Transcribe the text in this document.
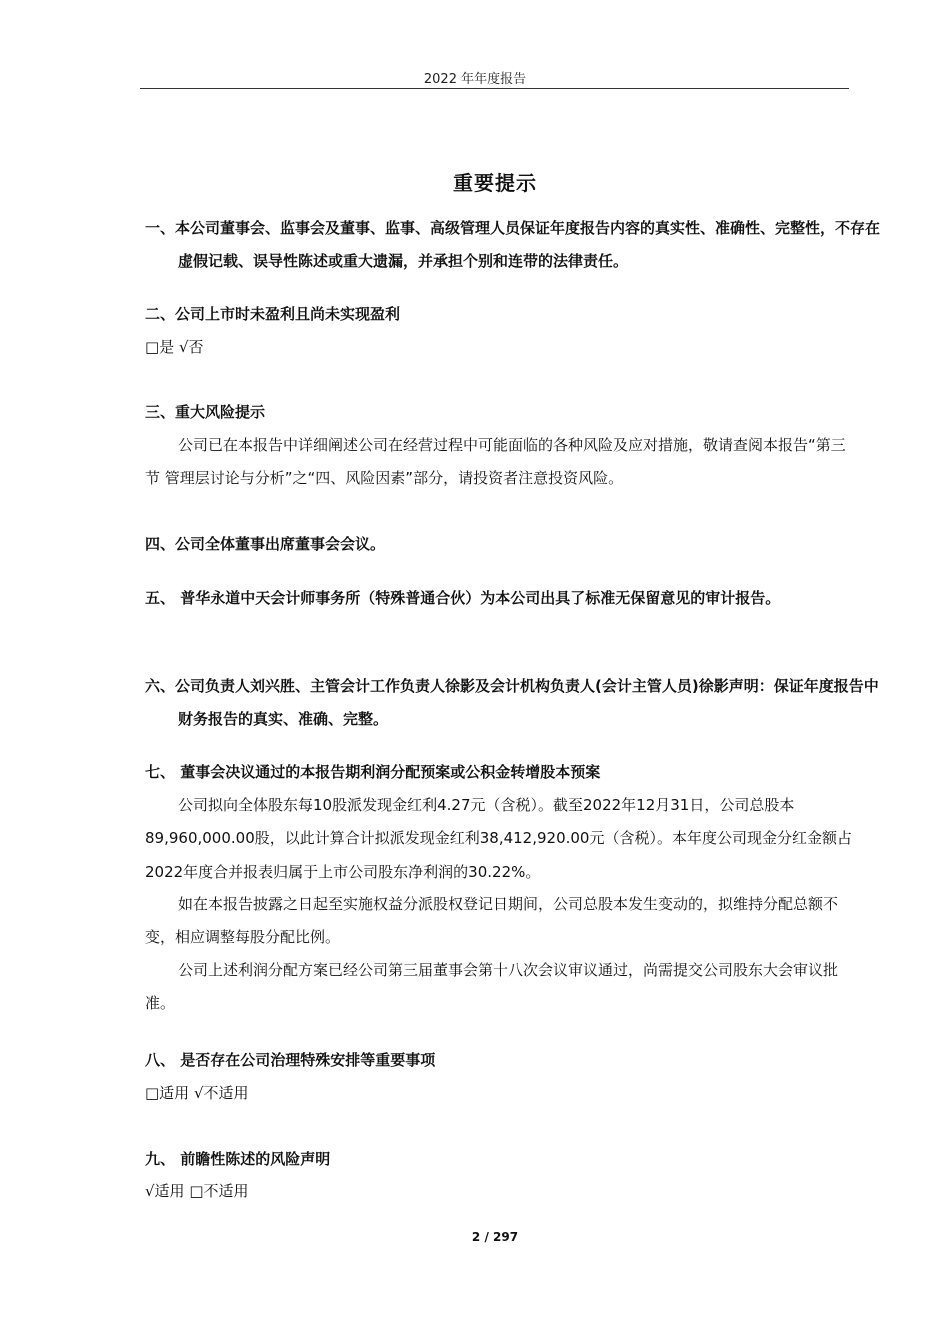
2022 年年度报告
重要提示
一、本公司董事会、监事会及董事、监事、高级管理人员保证年度报告内容的真实性、准确性、完整性，不存在虚假记载、误导性陈述或重大遗漏，并承担个别和连带的法律责任。
二、公司上市时未盈利且尚未实现盈利
□是 √否
三、重大风险提示
公司已在本报告中详细阐述公司在经营过程中可能面临的各种风险及应对措施，敬请查阅本报告“第三节 管理层讨论与分析”之“四、风险因素”部分，请投资者注意投资风险。
四、公司全体董事出席董事会会议。
五、 普华永道中天会计师事务所（特殊普通合伙）为本公司出具了标准无保留意见的审计报告。
六、公司负责人刘兴胜、主管会计工作负责人徐影及会计机构负责人(会计主管人员)徐影声明：保证年度报告中财务报告的真实、准确、完整。
七、 董事会决议通过的本报告期利润分配预案或公积金转增股本预案
公司拟向全体股东每10股派发现金红利4.27元（含税）。截至2022年12月31日，公司总股本89,960,000.00股，以此计算合计拟派发现金红利38,412,920.00元（含税）。本年度公司现金分红金额占2022年度合并报表归属于上市公司股东净利润的30.22%。
如在本报告披露之日起至实施权益分派股权登记日期间，公司总股本发生变动的，拟维持分配总额不变，相应调整每股分配比例。
公司上述利润分配方案已经公司第三届董事会第十八次会议审议通过，尚需提交公司股东大会审议批准。
八、 是否存在公司治理特殊安排等重要事项
□适用 √不适用
九、 前瞻性陈述的风险声明
√适用 □不适用
2 / 297
